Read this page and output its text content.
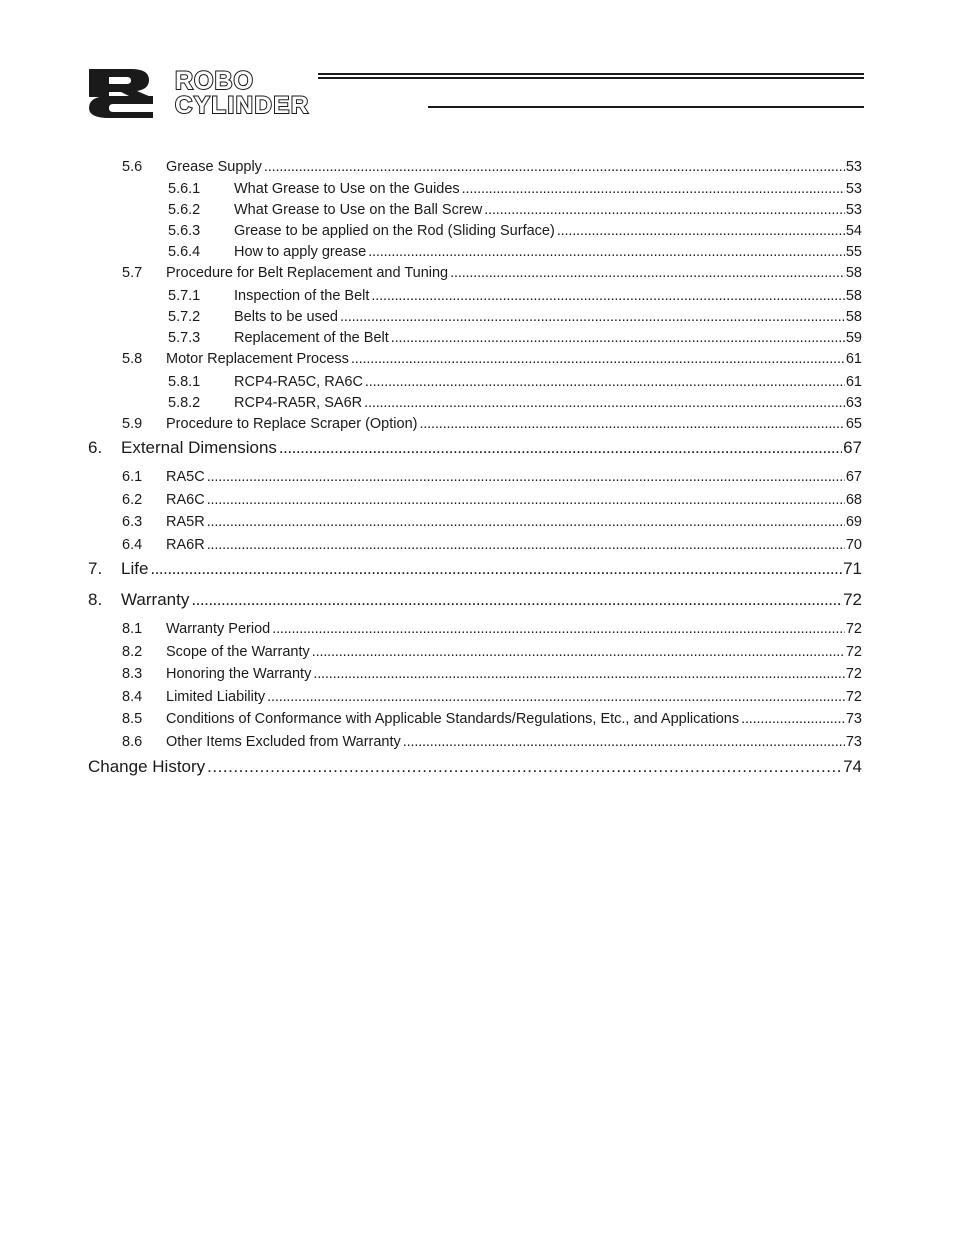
ROBO
CYLINDER
5.6	Grease Supply . . .	53
5.6.1	What Grease to Use on the Guides . . .	53
5.6.2	What Grease to Use on the Ball Screw . . .	53
5.6.3	Grease to be applied on the Rod (Sliding Surface) . . .	54
5.6.4	How to apply grease . . .	55
5.7	Procedure for Belt Replacement and Tuning . . .	58
5.7.1	Inspection of the Belt . . .	58
5.7.2	Belts to be used . . .	58
5.7.3	Replacement of the Belt . . .	59
5.8	Motor Replacement Process . . .	61
5.8.1	RCP4-RA5C, RA6C . . .	61
5.8.2	RCP4-RA5R, SA6R . . .	63
5.9	Procedure to Replace Scraper (Option) . . .	65
6.	External Dimensions . . .	67
6.1	RA5C . . .	67
6.2	RA6C . . .	68
6.3	RA5R . . .	69
6.4	RA6R . . .	70
7.	Life . . .	71
8.	Warranty . . .	72
8.1	Warranty Period . . .	72
8.2	Scope of the Warranty . . .	72
8.3	Honoring the Warranty . . .	72
8.4	Limited Liability . . .	72
8.5	Conditions of Conformance with Applicable Standards/Regulations, Etc., and Applications . . .	73
8.6	Other Items Excluded from Warranty . . .	73
Change History . . .	74
